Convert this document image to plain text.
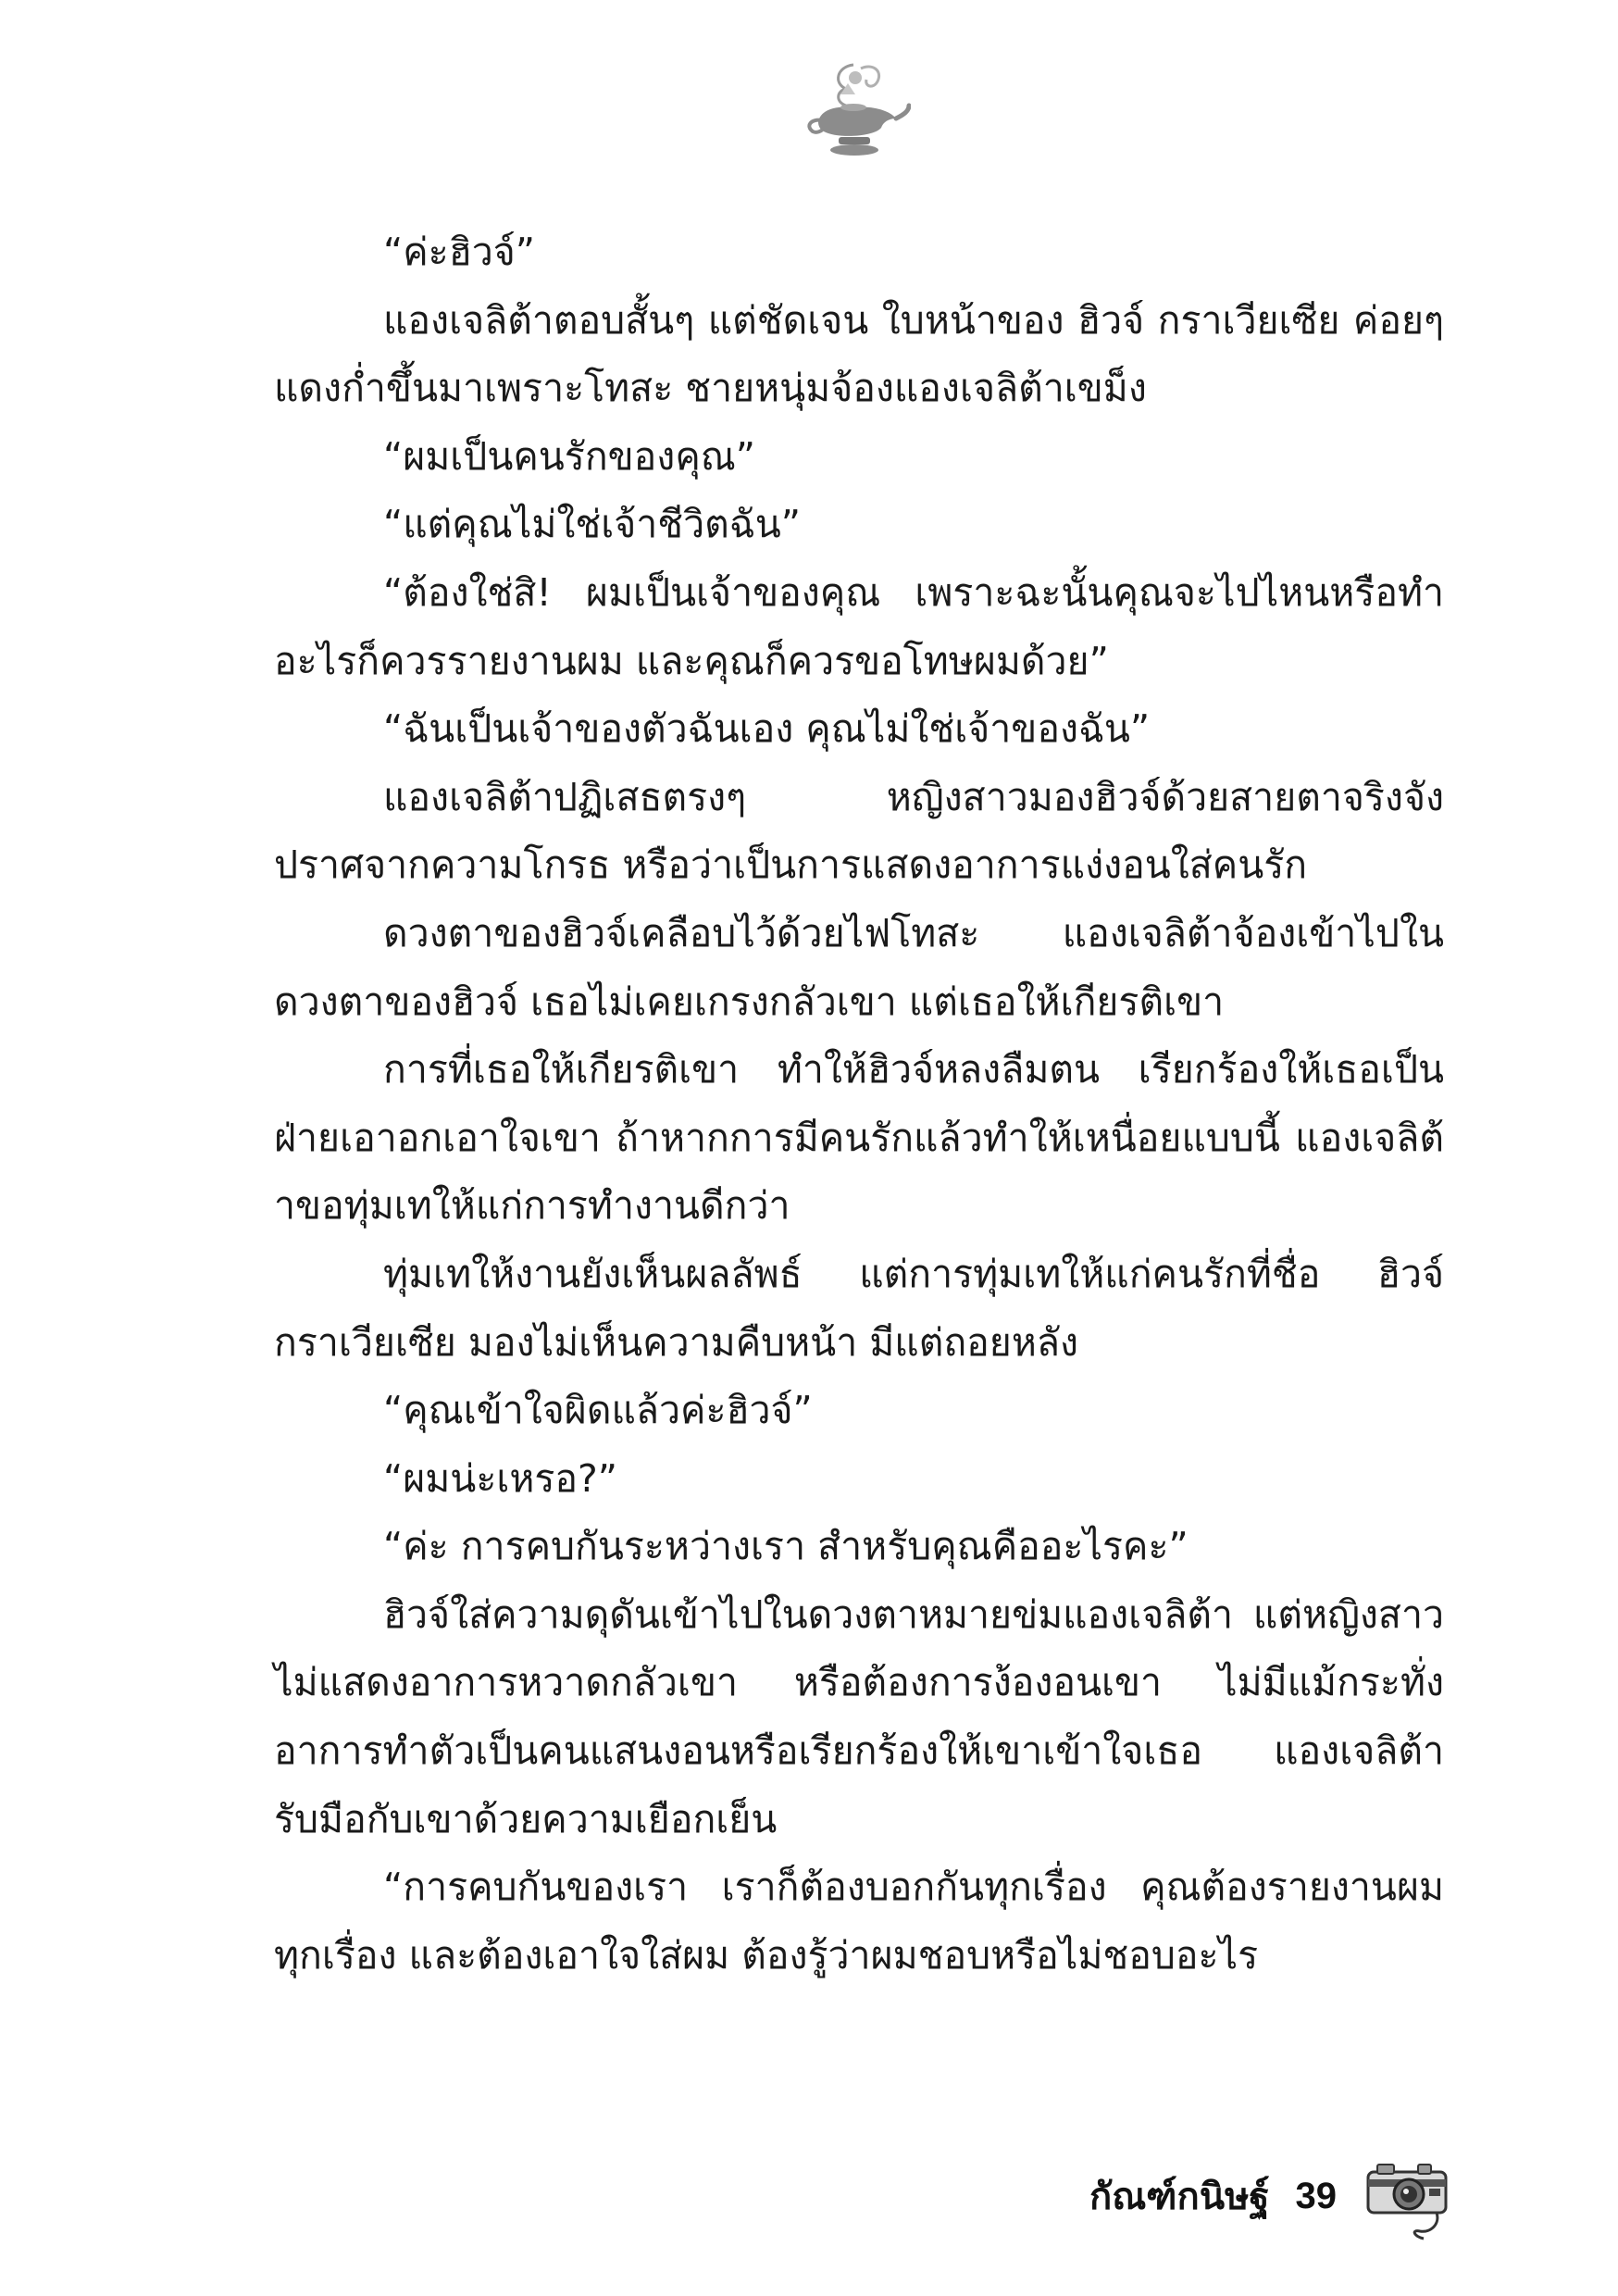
“ค่ะฮิวจ์”

แองเจลิต้าตอบสั้นๆ แต่ชัดเจน ใบหน้าของ ฮิวจ์ กราเวียเซีย ค่อยๆ แดงก่ำขึ้นมาเพราะโทสะ ชายหนุ่มจ้องแองเจลิต้าเขม็ง

“ผมเป็นคนรักของคุณ”

“แต่คุณไม่ใช่เจ้าชีวิตฉัน”

“ต้องใช่สิ! ผมเป็นเจ้าของคุณ เพราะฉะนั้นคุณจะไปไหนหรือทำอะไรก็ควรรายงานผม และคุณก็ควรขอโทษผมด้วย”

“ฉันเป็นเจ้าของตัวฉันเอง คุณไม่ใช่เจ้าของฉัน”

แองเจลิต้าปฏิเสธตรงๆ หญิงสาวมองฮิวจ์ด้วยสายตาจริงจัง ปราศจากความโกรธ หรือว่าเป็นการแสดงอาการแง่งอนใส่คนรัก

ดวงตาของฮิวจ์เคลือบไว้ด้วยไฟโทสะ แองเจลิต้าจ้องเข้าไปในดวงตาของฮิวจ์ เธอไม่เคยเกรงกลัวเขา แต่เธอให้เกียรติเขา

การที่เธอให้เกียรติเขา ทำให้ฮิวจ์หลงลืมตน เรียกร้องให้เธอเป็นฝ่ายเอาอกเอาใจเขา ถ้าหากการมีคนรักแล้วทำให้เหนื่อยแบบนี้ แองเจลิต้าขอทุ่มเทให้แก่การทำงานดีกว่า

ทุ่มเทให้งานยังเห็นผลลัพธ์ แต่การทุ่มเทให้แก่คนรักที่ชื่อ ฮิวจ์ กราเวียเซีย มองไม่เห็นความคืบหน้า มีแต่ถอยหลัง

“คุณเข้าใจผิดแล้วค่ะฮิวจ์”

“ผมน่ะเหรอ?”

“ค่ะ การคบกันระหว่างเรา สำหรับคุณคืออะไรคะ”

ฮิวจ์ใส่ความดุดันเข้าไปในดวงตาหมายข่มแองเจลิต้า แต่หญิงสาวไม่แสดงอาการหวาดกลัวเขา หรือต้องการง้องอนเขา ไม่มีแม้กระทั่งอาการทำตัวเป็นคนแสนงอนหรือเรียกร้องให้เขาเข้าใจเธอ แองเจลิต้ารับมือกับเขาด้วยความเยือกเย็น

“การคบกันของเรา เราก็ต้องบอกกันทุกเรื่อง คุณต้องรายงานผมทุกเรื่อง และต้องเอาใจใส่ผม ต้องรู้ว่าผมชอบหรือไม่ชอบอะไร

กัณฑ์กนิษฐ์ 39
